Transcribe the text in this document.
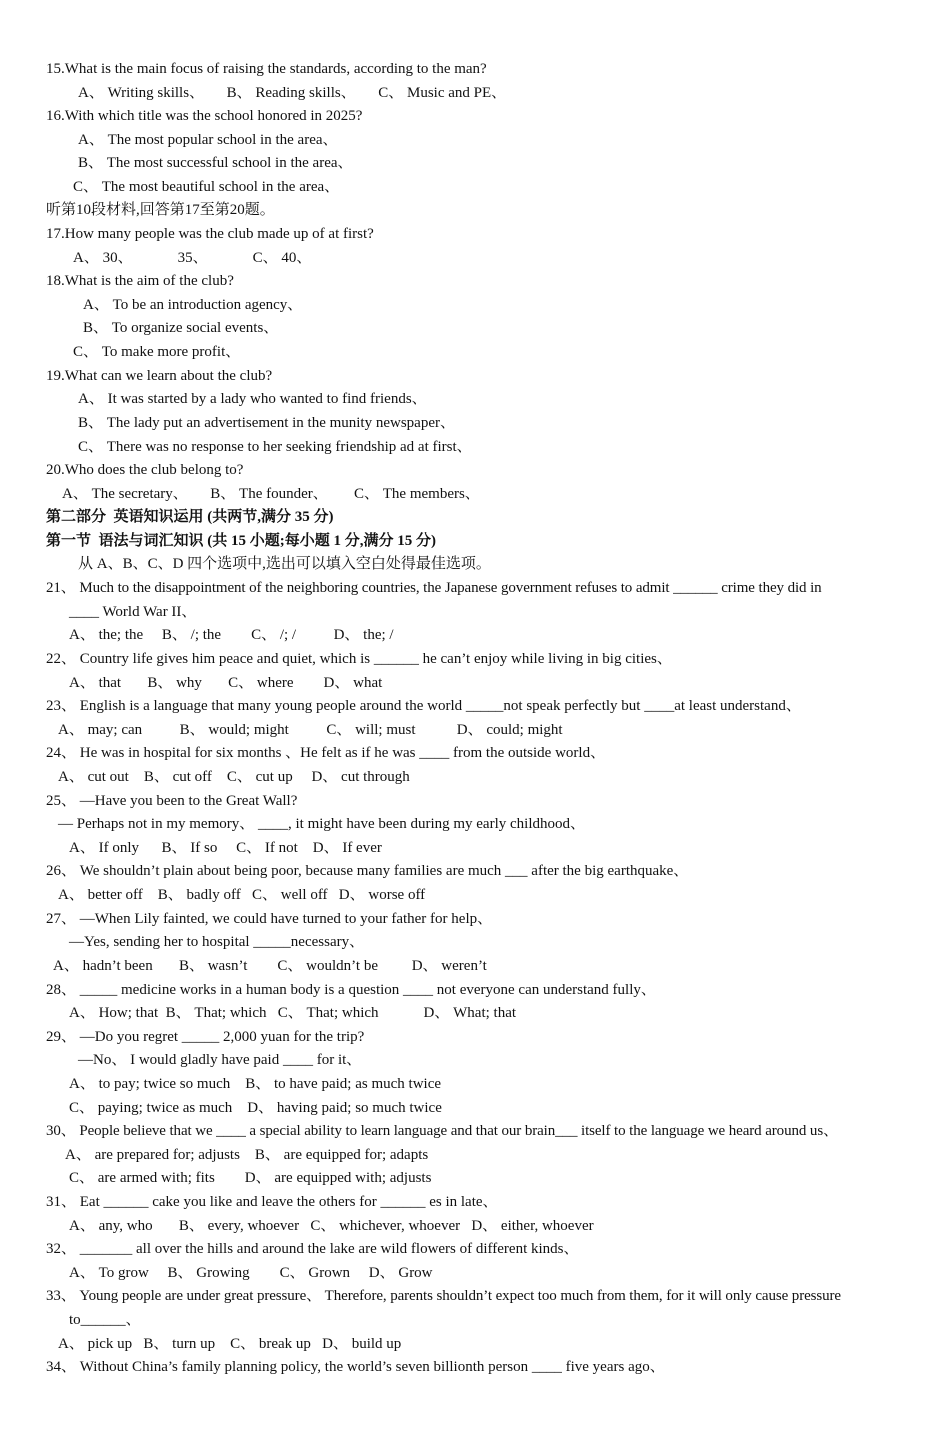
15.What is the main focus of raising the standards, according to the man?
A、 Writing skills、      B、 Reading skills、      C、 Music and PE、
16.With which title was the school honored in 2025?
A、 The most popular school in the area、
B、 The most successful school in the area、
C、 The most beautiful school in the area、
听第10段材料,回答第17至第20题。
17.How many people was the club made up of at first?
A、 30、            35、            C、 40、
18.What is the aim of the club?
A、 To be an introduction agency、
B、 To organize social events、
C、 To make more profit、
19.What can we learn about the club?
A、 It was started by a lady who wanted to find friends、
B、 The lady put an advertisement in the munity newspaper、
C、 There was no response to her seeking friendship ad at first、
20.Who does the club belong to?
A、 The secretary、      B、 The founder、       C、 The members、
第二部分  英语知识运用 (共两节,满分 35 分)
第一节  语法与词汇知识 (共 15 小题;每小题 1 分,满分 15 分)
从 A、B、C、D 四个选项中,选出可以填入空白处得最佳选项。
21、 Much to the disappointment of the neighboring countries, the Japanese government refuses to admit ______ crime they did in
____ World War II、
A、 the; the     B、 /; the        C、 /; /          D、 the; /
22、 Country life gives him peace and quiet, which is ______ he can’t enjoy while living in big cities、
A、 that       B、 why       C、 where        D、 what
23、 English is a language that many young people around the world _____not speak perfectly but ____at least understand、
A、 may; can          B、 would; might          C、 will; must           D、 could; might
24、 He was in hospital for six months 、He felt as if he was ____ from the outside world、
A、 cut out    B、 cut off    C、 cut up     D、 cut through
25、 —Have you been to the Great Wall?
— Perhaps not in my memory、 ____, it might have been during my early childhood、
A、 If only      B、 If so     C、 If not    D、 If ever
26、 We shouldn’t plain about being poor, because many families are much ___ after the big earthquake、
A、 better off    B、 badly off   C、 well off   D、 worse off
27、 —When Lily fainted, we could have turned to your father for help、
—Yes, sending her to hospital _____necessary、
A、 hadn’t been       B、 wasn’t        C、 wouldn’t be         D、 weren’t
28、 _____ medicine works in a human body is a question ____ not everyone can understand fully、
A、 How; that  B、 That; which   C、 That; which            D、 What; that
29、 —Do you regret _____ 2,000 yuan for the trip?
—No、 I would gladly have paid ____ for it、
A、 to pay; twice so much    B、 to have paid; as much twice
C、 paying; twice as much    D、 having paid; so much twice
30、 People believe that we ____ a special ability to learn language and that our brain___ itself to the language we heard around us、
A、 are prepared for; adjusts    B、 are equipped for; adapts
C、 are armed with; fits        D、 are equipped with; adjusts
31、 Eat ______ cake you like and leave the others for ______ es in late、
A、 any, who       B、 every, whoever   C、 whichever, whoever   D、 either, whoever
32、 _______ all over the hills and around the lake are wild flowers of different kinds、
A、 To grow     B、 Growing        C、 Grown     D、 Grow
33、 Young people are under great pressure、 Therefore, parents shouldn’t expect too much from them, for it will only cause pressure
to______、
A、 pick up   B、 turn up    C、 break up   D、 build up
34、 Without China’s family planning policy, the world’s seven billionth person ____ five years ago、
